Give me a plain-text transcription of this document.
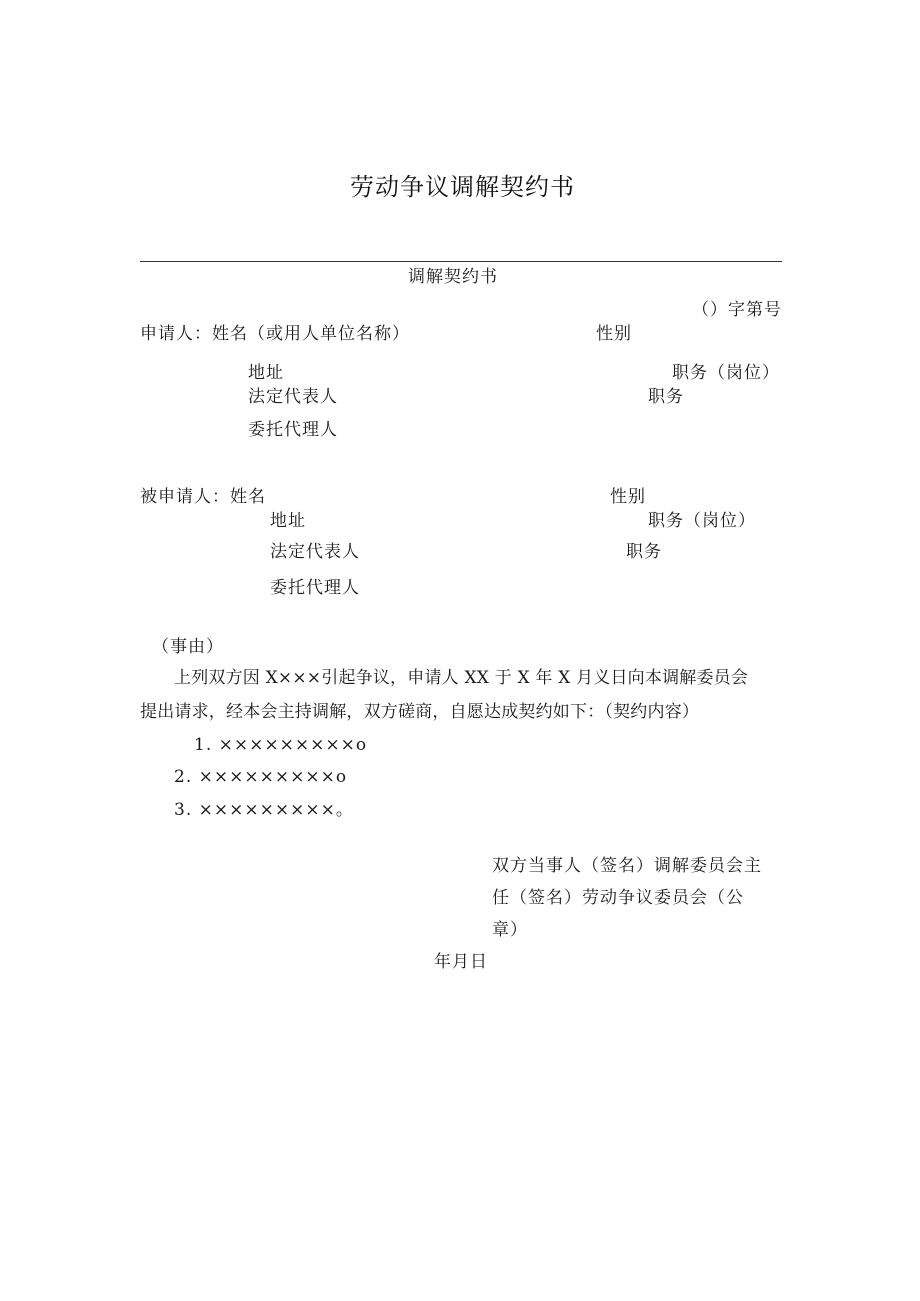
劳动争议调解契约书
调解契约书
（）字第号
申请人：姓名（或用人单位名称）	性别
地址	职务（岗位）
法定代表人	职务
委托代理人
被申请人：姓名	性别
地址	职务（岗位）
法定代表人	职务
委托代理人
（事由）
上列双方因 X×××引起争议，申请人 XX 于 X 年 X 月义日向本调解委员会
提出请求，经本会主持调解，双方磋商，自愿达成契约如下：（契约内容）
1. ×××××××××o
2. ×××××××××o
3. ×××××××××。
双方当事人（签名）调解委员会主
任（签名）劳动争议委员会（公
章）
年月日
